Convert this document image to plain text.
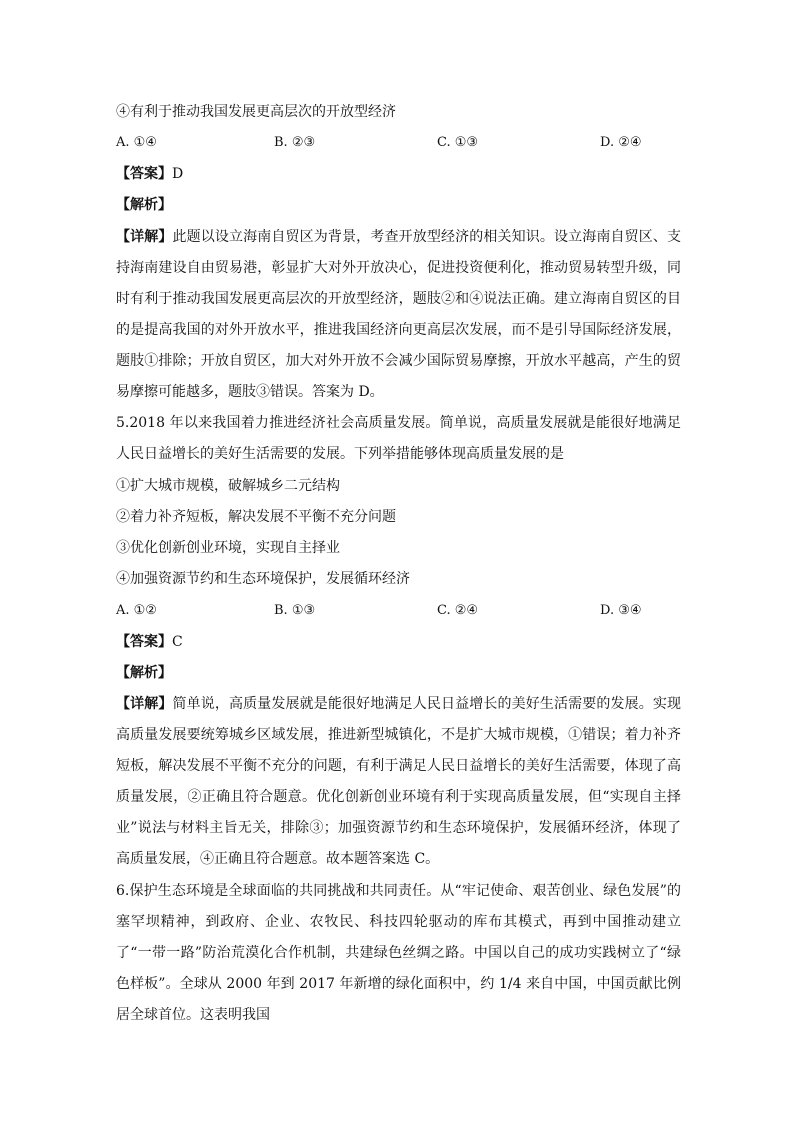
④有利于推动我国发展更高层次的开放型经济
A. ①④	B. ②③	C. ①③	D. ②④
【答案】D
【解析】
【详解】此题以设立海南自贸区为背景，考查开放型经济的相关知识。设立海南自贸区、支持海南建设自由贸易港，彰显扩大对外开放决心，促进投资便利化，推动贸易转型升级，同时有利于推动我国发展更高层次的开放型经济，题肢②和④说法正确。建立海南自贸区的目的是提高我国的对外开放水平，推进我国经济向更高层次发展，而不是引导国际经济发展，题肢①排除；开放自贸区，加大对外开放不会减少国际贸易摩擦，开放水平越高，产生的贸易摩擦可能越多，题肢③错误。答案为 D。
5.2018 年以来我国着力推进经济社会高质量发展。简单说，高质量发展就是能很好地满足人民日益增长的美好生活需要的发展。下列举措能够体现高质量发展的是
①扩大城市规模，破解城乡二元结构
②着力补齐短板，解决发展不平衡不充分问题
③优化创新创业环境，实现自主择业
④加强资源节约和生态环境保护，发展循环经济
A. ①②	B. ①③	C. ②④	D. ③④
【答案】C
【解析】
【详解】简单说，高质量发展就是能很好地满足人民日益增长的美好生活需要的发展。实现高质量发展要统筹城乡区域发展，推进新型城镇化，不是扩大城市规模，①错误；着力补齐短板，解决发展不平衡不充分的问题，有利于满足人民日益增长的美好生活需要，体现了高质量发展，②正确且符合题意。优化创新创业环境有利于实现高质量发展，但“实现自主择业”说法与材料主旨无关，排除③；加强资源节约和生态环境保护，发展循环经济，体现了高质量发展，④正确且符合题意。故本题答案选 C。
6.保护生态环境是全球面临的共同挑战和共同责任。从“牢记使命、艰苦创业、绿色发展”的塞罕坝精神，到政府、企业、农牧民、科技四轮驱动的库布其模式，再到中国推动建立了“一带一路”防治荒漠化合作机制，共建绿色丝绸之路。中国以自己的成功实践树立了“绿色样板”。全球从 2000 年到 2017 年新增的绿化面积中，约 1/4 来自中国，中国贡献比例居全球首位。这表明我国
